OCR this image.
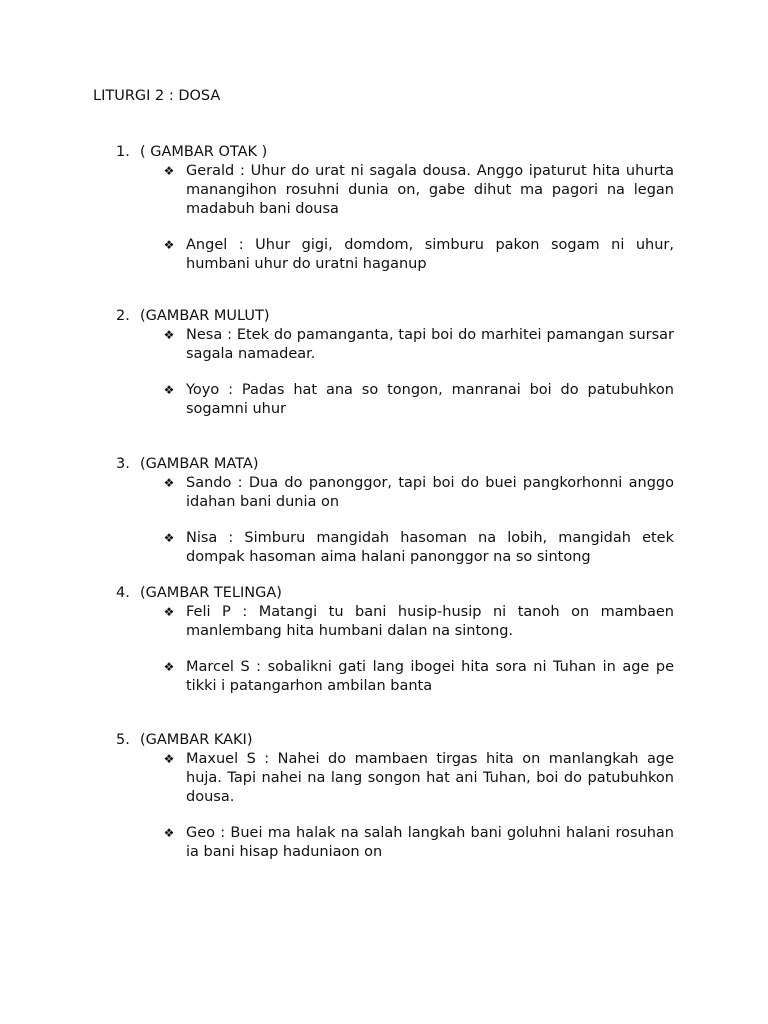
LITURGI 2 : DOSA
1. ( GAMBAR OTAK )
❖ Gerald : Uhur do urat ni sagala dousa. Anggo ipaturut hita uhurta manangihon rosuhni dunia on, gabe dihut ma pagori na legan madabuh bani dousa
❖ Angel : Uhur gigi, domdom, simburu pakon sogam ni uhur, humbani uhur do uratni haganup
2. (GAMBAR MULUT)
❖ Nesa : Etek do pamanganta, tapi boi do marhitei pamangan sursar sagala namadear.
❖ Yoyo : Padas hat ana so tongon, manranai boi do patubuhkon sogamni uhur
3. (GAMBAR MATA)
❖ Sando : Dua do panonggor, tapi boi do buei pangkorhonni anggo idahan bani dunia on
❖ Nisa : Simburu mangidah hasoman na lobih, mangidah etek dompak hasoman aima halani panonggor na so sintong
4. (GAMBAR TELINGA)
❖ Feli P : Matangi tu bani husip-husip ni tanoh on mambaen manlembang hita humbani dalan na sintong.
❖ Marcel S : sobalikni gati lang ibogei hita sora ni Tuhan in age pe tikki i patangarhon ambilan banta
5. (GAMBAR KAKI)
❖ Maxuel S : Nahei do mambaen tirgas hita on manlangkah age huja. Tapi nahei na lang songon hat ani Tuhan, boi do patubuhkon dousa.
❖ Geo : Buei ma halak na salah langkah bani goluhni halani rosuhan ia bani hisap haduniaon on
